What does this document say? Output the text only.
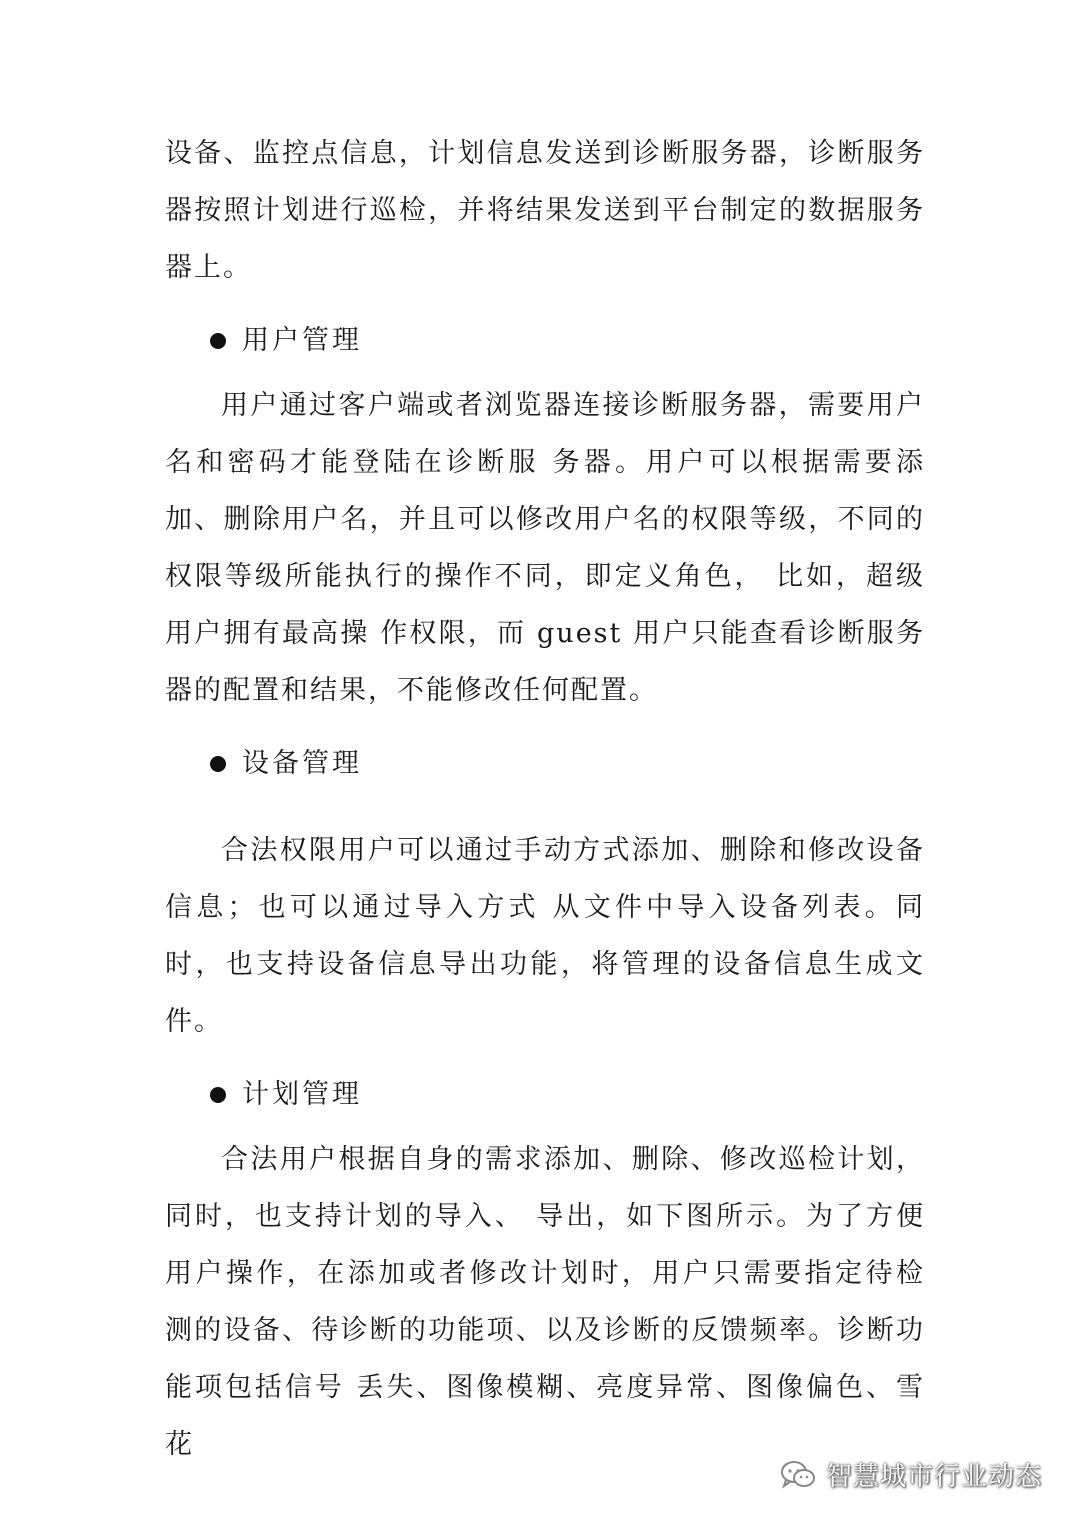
设备、监控点信息，计划信息发送到诊断服务器，诊断服务器按照计划进行巡检，并将结果发送到平台制定的数据服务器上。

用户管理

用户通过客户端或者浏览器连接诊断服务器，需要用户名和密码才能登陆在诊断服 务器。用户可以根据需要添加、删除用户名，并且可以修改用户名的权限等级，不同的 权限等级所能执行的操作不同，即定义角色， 比如，超级用户拥有最高操 作权限，而 guest 用户只能查看诊断服务器的配置和结果，不能修改任何配置。

设备管理

合法权限用户可以通过手动方式添加、删除和修改设备信息；也可以通过导入方式 从文件中导入设备列表。同时，也支持设备信息导出功能，将管理的设备信息生成文件。

计划管理

合法用户根据自身的需求添加、删除、修改巡检计划，同时，也支持计划的导入、 导出，如下图所示。为了方便用户操作，在添加或者修改计划时，用户只需要指定待检 测的设备、待诊断的功能项、以及诊断的反馈频率。诊断功能项包括信号 丢失、图像模糊、亮度异常、图像偏色、雪花

智慧城市行业动态
